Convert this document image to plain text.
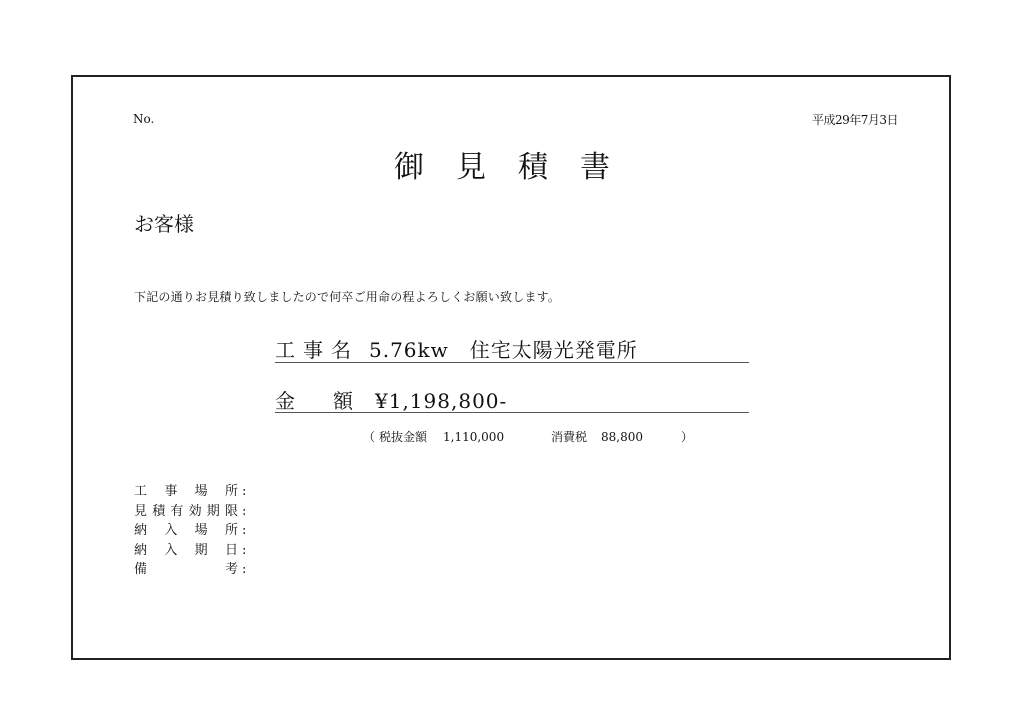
No.	平成29年7月3日
御見積書
お客様
下記の通りお見積り致しましたので何卒ご用命の程よろしくお願い致します。
工事名 5.76kw　住宅太陽光発電所
金 額 ¥1,198,800-
（ 税抜金額 1,110,000	消費税 88,800	）
工事場所 :
見積有効期限 :
納入場所 :
納入期日 :
備考 :
